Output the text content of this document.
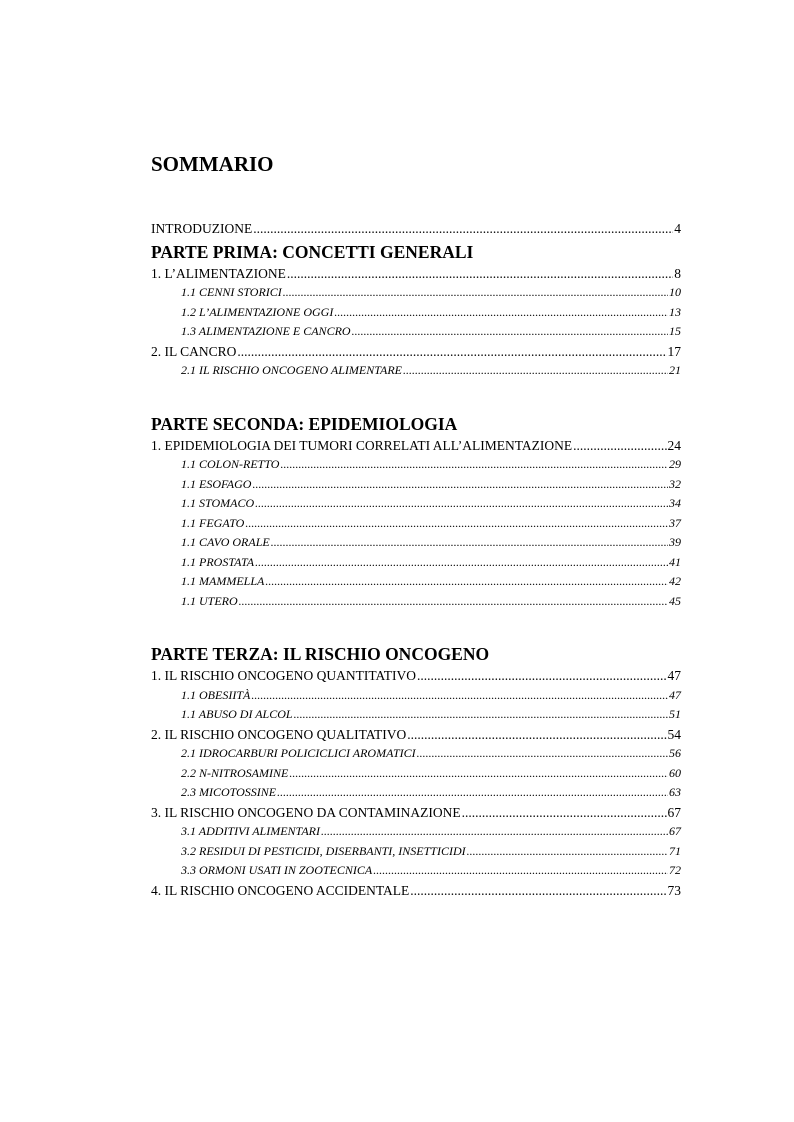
SOMMARIO
INTRODUZIONE .....	4
PARTE PRIMA: CONCETTI GENERALI
1. L’ALIMENTAZIONE .....	8
1.1 CENNI STORICI .....	10
1.2 L’ALIMENTAZIONE OGGI .....	13
1.3 ALIMENTAZIONE E CANCRO .....	15
2. IL CANCRO .....	17
2.1 IL RISCHIO ONCOGENO ALIMENTARE .....	21
PARTE SECONDA: EPIDEMIOLOGIA
1. EPIDEMIOLOGIA DEI TUMORI CORRELATI ALL’ALIMENTAZIONE .....	24
1.1 COLON-RETTO .....	29
1.1 ESOFAGO .....	32
1.1 STOMACO .....	34
1.1 FEGATO .....	37
1.1 CAVO ORALE .....	39
1.1 PROSTATA .....	41
1.1 MAMMELLA .....	42
1.1 UTERO .....	45
PARTE TERZA: IL RISCHIO ONCOGENO
1. IL RISCHIO ONCOGENO QUANTITATIVO .....	47
1.1 OBESIITÀ .....	47
1.1 ABUSO DI ALCOL .....	51
2. IL RISCHIO ONCOGENO QUALITATIVO .....	54
2.1 IDROCARBURI POLICICLICI AROMATICI .....	56
2.2 N-NITROSAMINE .....	60
2.3 MICOTOSSINE .....	63
3. IL RISCHIO ONCOGENO DA CONTAMINAZIONE .....	67
3.1 ADDITIVI ALIMENTARI .....	67
3.2 RESIDUI DI PESTICIDI, DISERBANTI, INSETTICIDI .....	71
3.3 ORMONI USATI IN ZOOTECNICA .....	72
4. IL RISCHIO ONCOGENO ACCIDENTALE .....	73
